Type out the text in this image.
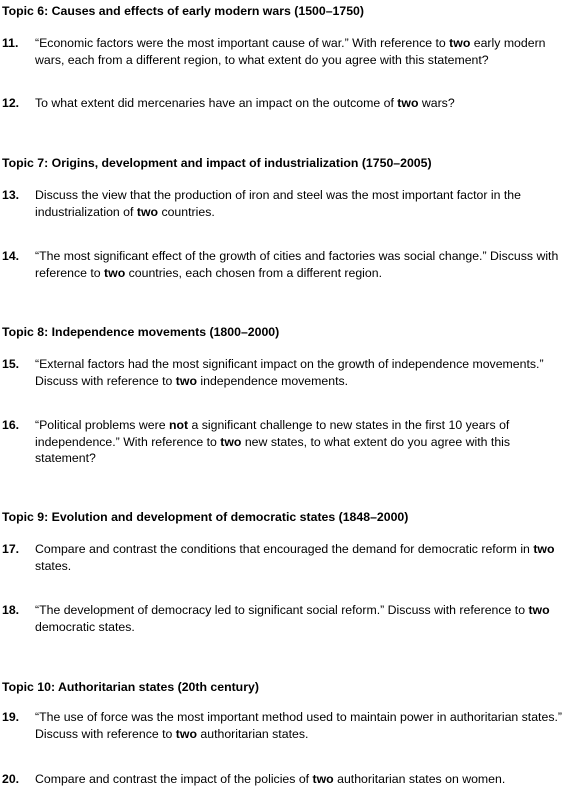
Topic 6: Causes and effects of early modern wars (1500–1750)
11. “Economic factors were the most important cause of war.” With reference to two early modern wars, each from a different region, to what extent do you agree with this statement?
12. To what extent did mercenaries have an impact on the outcome of two wars?
Topic 7: Origins, development and impact of industrialization (1750–2005)
13. Discuss the view that the production of iron and steel was the most important factor in the industrialization of two countries.
14. “The most significant effect of the growth of cities and factories was social change.” Discuss with reference to two countries, each chosen from a different region.
Topic 8: Independence movements (1800–2000)
15. “External factors had the most significant impact on the growth of independence movements.” Discuss with reference to two independence movements.
16. “Political problems were not a significant challenge to new states in the first 10 years of independence.” With reference to two new states, to what extent do you agree with this statement?
Topic 9: Evolution and development of democratic states (1848–2000)
17. Compare and contrast the conditions that encouraged the demand for democratic reform in two states.
18. “The development of democracy led to significant social reform.” Discuss with reference to two democratic states.
Topic 10: Authoritarian states (20th century)
19. “The use of force was the most important method used to maintain power in authoritarian states.” Discuss with reference to two authoritarian states.
20. Compare and contrast the impact of the policies of two authoritarian states on women.
